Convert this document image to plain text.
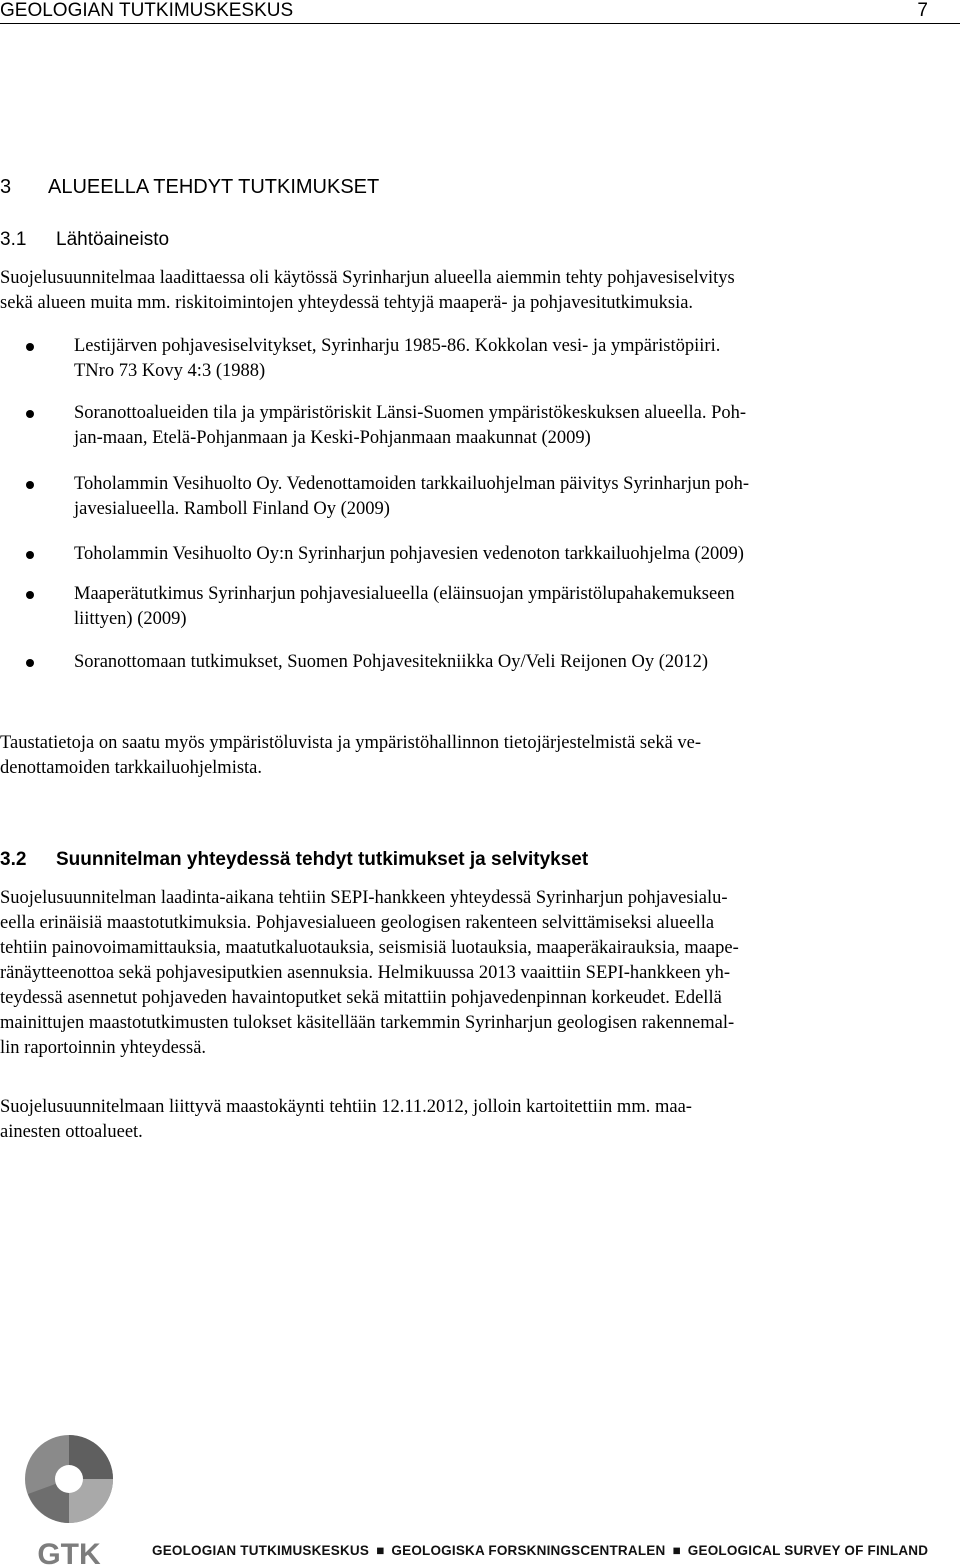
GEOLOGIAN TUTKIMUSKESKUS	7
3 ALUEELLA TEHDYT TUTKIMUKSET
3.1 Lähtöaineisto
Suojelusuunnitelmaa laadittaessa oli käytössä Syrinharjun alueella aiemmin tehty pohjavesiselvitys
sekä alueen muita mm. riskitoimintojen yhteydessä tehtyjä maaperä- ja pohjavesitutkimuksia.
Lestijärven pohjavesiselvitykset, Syrinharju 1985-86. Kokkolan vesi- ja ympäristöpiiri.
TNro 73 Kovy 4:3 (1988)
Soranottoalueiden tila ja ympäristöriskit Länsi-Suomen ympäristökeskuksen alueella. Poh-
jan-maan, Etelä-Pohjanmaan ja Keski-Pohjanmaan maakunnat (2009)
Toholammin Vesihuolto Oy. Vedenottamoiden tarkkailuohjelman päivitys Syrinharjun poh-
javesialueella. Ramboll Finland Oy (2009)
Toholammin Vesihuolto Oy:n Syrinharjun pohjavesien vedenoton tarkkailuohjelma (2009)
Maaperätutkimus Syrinharjun pohjavesialueella (eläinsuojan ympäristölupahakemukseen
liittyen) (2009)
Soranottomaan tutkimukset, Suomen Pohjavesitekniikka Oy/Veli Reijonen Oy (2012)
Taustatietoja on saatu myös ympäristöluvista ja ympäristöhallinnon tietojärjestelmistä sekä ve-
denottamoiden tarkkailuohjelmista.
3.2 Suunnitelman yhteydessä tehdyt tutkimukset ja selvitykset
Suojelusuunnitelman laadinta-aikana tehtiin SEPI-hankkeen yhteydessä Syrinharjun pohjavesialu-
eella erinäisiä maastotutkimuksia. Pohjavesialueen geologisen rakenteen selvittämiseksi alueella
tehtiin painovoimamittauksia, maatutkaluotauksia, seismisiä luotauksia, maaperäkairauksia, maape-
ränäytteenottoa sekä pohjavesiputkien asennuksia. Helmikuussa 2013 vaaittiin SEPI-hankkeen yh-
teydessä asennetut pohjaveden havaintoputket sekä mitattiin pohjavedenpinnan korkeudet. Edellä
mainittujen maastotutkimusten tulokset käsitellään tarkemmin Syrinharjun geologisen rakennemal-
lin raportoinnin yhteydessä.
Suojelusuunnitelmaan liittyvä maastokäynti tehtiin 12.11.2012, jolloin kartoitettiin mm. maa-
ainesten ottoalueet.
GTK	GEOLOGIAN TUTKIMUSKESKUS ■ GEOLOGISKA FORSKNINGSCENTRALEN ■ GEOLOGICAL SURVEY OF FINLAND
